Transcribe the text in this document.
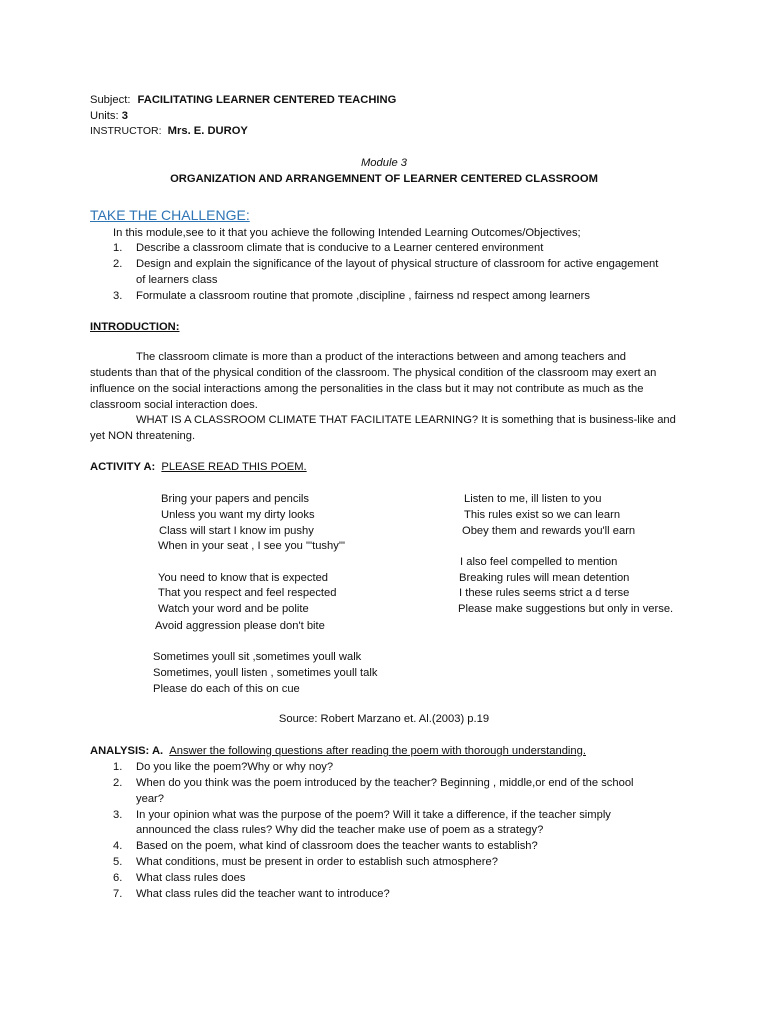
Subject: FACILITATING LEARNER CENTERED TEACHING
Units: 3
INSTRUCTOR: Mrs. E. DUROY
Module 3
ORGANIZATION AND ARRANGEMNENT OF LEARNER CENTERED CLASSROOM
TAKE THE CHALLENGE:
In this module,see to it that you achieve the following Intended Learning Outcomes/Objectives;
1. Describe a classroom climate that is conducive to a Learner centered environment
2. Design and explain the significance of the layout of physical structure of classroom for active engagement
of learners class
3. Formulate a classroom routine that promote ,discipline , fairness nd respect among learners
INTRODUCTION:
The classroom climate is more than a product of the interactions between and among teachers and
students than that of the physical condition of the classroom. The physical condition of the classroom may exert an
influence on the social interactions among the personalities in the class but it may not contribute as much as the
classroom social interaction does.
WHAT IS A CLASSROOM CLIMATE THAT FACILITATE LEARNING? It is something that is business-like and
yet NON threatening.
ACTIVITY A: PLEASE READ THIS POEM.
Bring your papers and pencils
Unless you want my dirty looks
Class will start I know im pushy
When in your seat , I see you "'tushy'"
You need to know that is expected
That you respect and feel respected
Watch your word and be polite
Avoid aggression please don't bite
Listen to me, ill listen to you
This rules exist so we can learn
Obey them and rewards you'll earn
I also feel compelled to mention
Breaking rules will mean detention
I these rules seems strict a d terse
Please make suggestions but only in verse.
Sometimes youll sit ,sometimes youll walk
Sometimes, youll listen , sometimes youll talk
Please do each of this on cue
Source: Robert Marzano et. Al.(2003) p.19
ANALYSIS: A. Answer the following questions after reading the poem with thorough understanding.
1. Do you like the poem?Why or why noy?
2. When do you think was the poem introduced by the teacher? Beginning , middle,or end of the school
year?
3. In your opinion what was the purpose of the poem? Will it take a difference, if the teacher simply
announced the class rules? Why did the teacher make use of poem as a strategy?
4. Based on the poem, what kind of classroom does the teacher wants to establish?
5. What conditions, must be present in order to establish such atmosphere?
6. What class rules does
7. What class rules did the teacher want to introduce?
